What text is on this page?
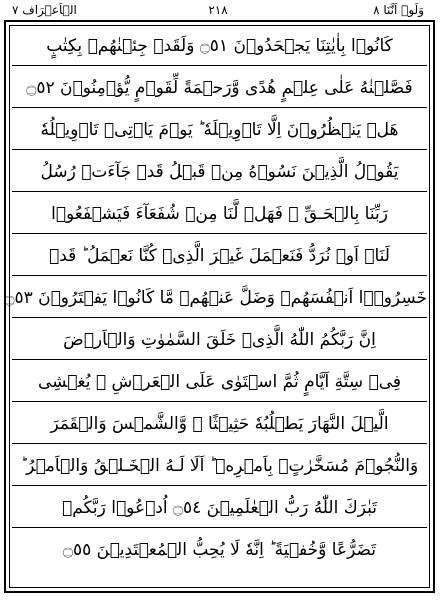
وَلَوۡ اَنَّنَا ٨
٢١٨
الۡاَعۡرَاف ٧
كَانُوۡا بِاٰيٰتِنَا يَجۡحَدُوۡنَ ۝٥١ وَلَقَدۡ جِئۡنٰهُمۡ بِكِتٰبٍ
فَصَّلۡنٰهُ عَلٰى عِلۡمٍ هُدًى وَّرَحۡمَةً لِّقَوۡمٍ يُّؤۡمِنُوۡنَ ۝٥٢
هَلۡ يَنۡظُرُوۡنَ اِلَّا تَاۡوِيۡلَهٗ ؕ يَوۡمَ يَاۡتِىۡ تَاۡوِيۡلُهٗ
يَقُوۡلُ الَّذِيۡنَ نَسُوۡهُ مِنۡ قَبۡلُ قَدۡ جَآءَتۡ رُسُلُ
رَبِّنَا بِالۡحَـقِّ ۚ فَهَلۡ لَّنَا مِنۡ شُفَعَآءَ فَيَشۡفَعُوۡا
لَنَاۤ اَوۡ نُرَدُّ فَنَعۡمَلَ غَيۡرَ الَّذِىۡ كُنَّا نَعۡمَلُ ؕ قَدۡ
خَسِرُوۡۤا اَنۡفُسَهُمۡ وَضَلَّ عَنۡهُمۡ مَّا كَانُوۡا يَفۡتَرُوۡنَ ۝٥٣
اِنَّ رَبَّكُمُ اللّٰهُ الَّذِىۡ خَلَقَ السَّمٰوٰتِ وَالۡاَرۡضَ
فِىۡ سِتَّةِ اَيَّامٍ ثُمَّ اسۡتَوٰى عَلَى الۡعَرۡشِ ۚ يُغۡشِى
الَّيۡلَ النَّهَارَ يَطۡلُبُهٗ حَثِيۡثًا ۙ وَّالشَّمۡسَ وَالۡقَمَرَ
وَالنُّجُوۡمَ مُسَخَّرٰتٍۭ بِاَمۡرِهٖ ؕ اَلَا لَـهُ الۡخَـلۡقُ وَالۡاَمۡرُ ؕ
تَبٰرَكَ اللّٰهُ رَبُّ الۡعٰلَمِيۡنَ ۝٥٤ اُدۡعُوۡا رَبَّكُمۡ
تَضَرُّعًا وَّخُفۡيَةً ؕ اِنَّهٗ لَا يُحِبُّ الۡمُعۡتَدِيۡنَ ۝٥٥
